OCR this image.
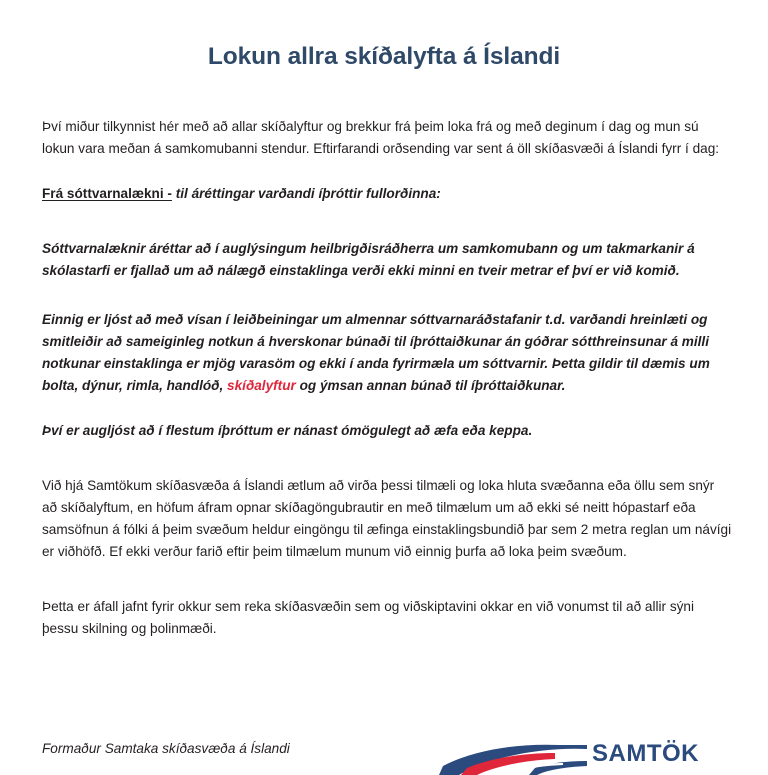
Lokun allra skíðalyfta á Íslandi

Því miður tilkynnist hér með að allar skíðalyftur og brekkur frá þeim loka frá og með deginum í dag og mun sú lokun vara meðan á samkomubanni stendur. Eftirfarandi orðsending var sent á öll skíðasvæði á Íslandi fyrr í dag:

Frá sóttvarnalækni - til áréttingar varðandi íþróttir fullorðinna:

Sóttvarnalæknir áréttar að í auglýsingum heilbrigðisráðherra um samkomubann og um takmarkanir á skólastarfi er fjallað um að nálægð einstaklinga verði ekki minni en tveir metrar ef því er við komið.

Einnig er ljóst að með vísan í leiðbeiningar um almennar sóttvarnaráðstafanir t.d. varðandi hreinlæti og smitleiðir að sameiginleg notkun á hverskonar búnaði til íþróttaiðkunar án góðrar sótthreinsunar á milli notkunar einstaklinga er mjög varasöm og ekki í anda fyrirmæla um sóttvarnir. Þetta gildir til dæmis um bolta, dýnur, rimla, handlóð, skíðalyftur og ýmsan annan búnað til íþróttaiðkunar.

Því er augljóst að í flestum íþróttum er nánast ómögulegt að æfa eða keppa.

Við hjá Samtökum skíðasvæða á Íslandi ætlum að virða þessi tilmæli og loka hluta svæðanna eða öllu sem snýr að skíðalyftum, en höfum áfram opnar skíðagöngubrautir en með tilmælum um að ekki sé neitt hópastarf eða samsöfnun á fólki á þeim svæðum heldur eingöngu til æfinga einstaklingsbundið þar sem 2 metra reglan um návígi er viðhöfð. Ef ekki verður farið eftir þeim tilmælum munum við einnig þurfa að loka þeim svæðum.

Þetta er áfall jafnt fyrir okkur sem reka skíðasvæðin sem og viðskiptavini okkar en við vonumst til að allir sýni þessu skilning og þolinmæði.

Formaður Samtaka skíðasvæða á Íslandi	SAMTÖK
